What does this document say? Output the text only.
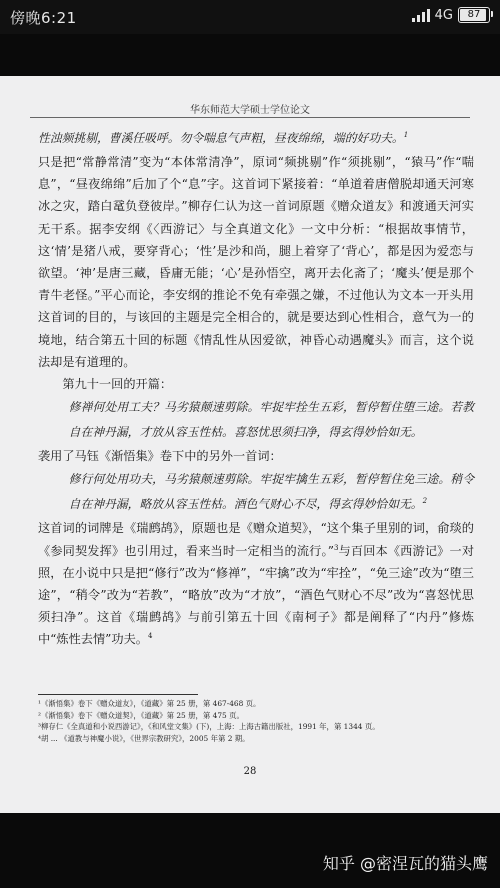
傍晚6:21	4G	87
华东师范大学硕士学位论文

性浊频挑剔，曹溪任吸呼。勿令喘息气声粗，昼夜绵绵，端的好功夫。$^1$

只是把“常静常清”变为“本体常清净”，原词“频挑剔”作“须挑剔”，“猿马”作“喘息”，“昼夜绵绵”后加了个“息”字。这首词下紧接着：“单道着唐僧脱却通天河寒冰之灾，踏白鼋负登彼岸。”柳存仁认为这一首词原题《赠众道友》和渡通天河实无干系。据李安纲《〈西游记〉与全真道文化》一文中分析：“根据故事情节，这‘情’是猪八戒，要穿背心；‘性’是沙和尚，腿上着穿了‘背心’，都是因为爱恋与欲望。‘神’是唐三藏，昏庸无能；‘心’是孙悟空，离开去化斋了；‘魔头’便是那个青牛老怪。”平心而论，李安纲的推论不免有牵强之嫌，不过他认为文本一开头用这首词的目的，与该回的主题是完全相合的，就是要达到心性相合，意气为一的境地，结合第五十回的标题《情乱性从因爱欲，神昏心动遇魔头》而言，这个说法却是有道理的。

第九十一回的开篇：

修禅何处用工夫？马劣猿颠速剪除。牢捉牢拴生五彩，暂停暂住堕三途。若教自在神丹漏，才放从容玉性枯。喜怒忧思须扫净，得玄得妙恰如无。

袭用了马钰《渐悟集》卷下中的另外一首词：

修行何处用功夫，马劣猿颠速剪除。牢捉牢擒生五彩，暂停暂住免三途。稍令自在神丹漏，略放从容玉性枯。酒色气财心不尽，得玄得妙恰如无。$^2$

这首词的词牌是《瑞鹧鸪》，原题也是《赠众道契》，“这个集子里别的词，俞琰的《参同契发挥》也引用过，看来当时一定相当的流行。”$^3$与百回本《西游记》一对照，在小说中只是把“修行”改为“修禅”，“牢擒”改为“牢拴”，“免三途”改为“堕三途”，“稍令”改为“若教”，“略放”改为“才放”，“酒色气财心不尽”改为“喜怒忧思须扫净”。这首《瑞鹧鸪》与前引第五十回《南柯子》都是阐释了“内丹”修炼中“炼性去情”功夫。$^4$

¹《渐悟集》卷下《赠众道友》，《道藏》第 25 册，第 467-468 页。
²《渐悟集》卷下《赠众道契》，《道藏》第 25 册，第 475 页。
³柳存仁《全真道和小说西游记》，《和风堂文集》(下)，上海：上海古籍出版社，1991 年，第 1344 页。
⁴胡 ... 《道教与神魔小说》，《世界宗教研究》，2005 年第 2 期。
28
知乎 @密涅瓦的猫头鹰
